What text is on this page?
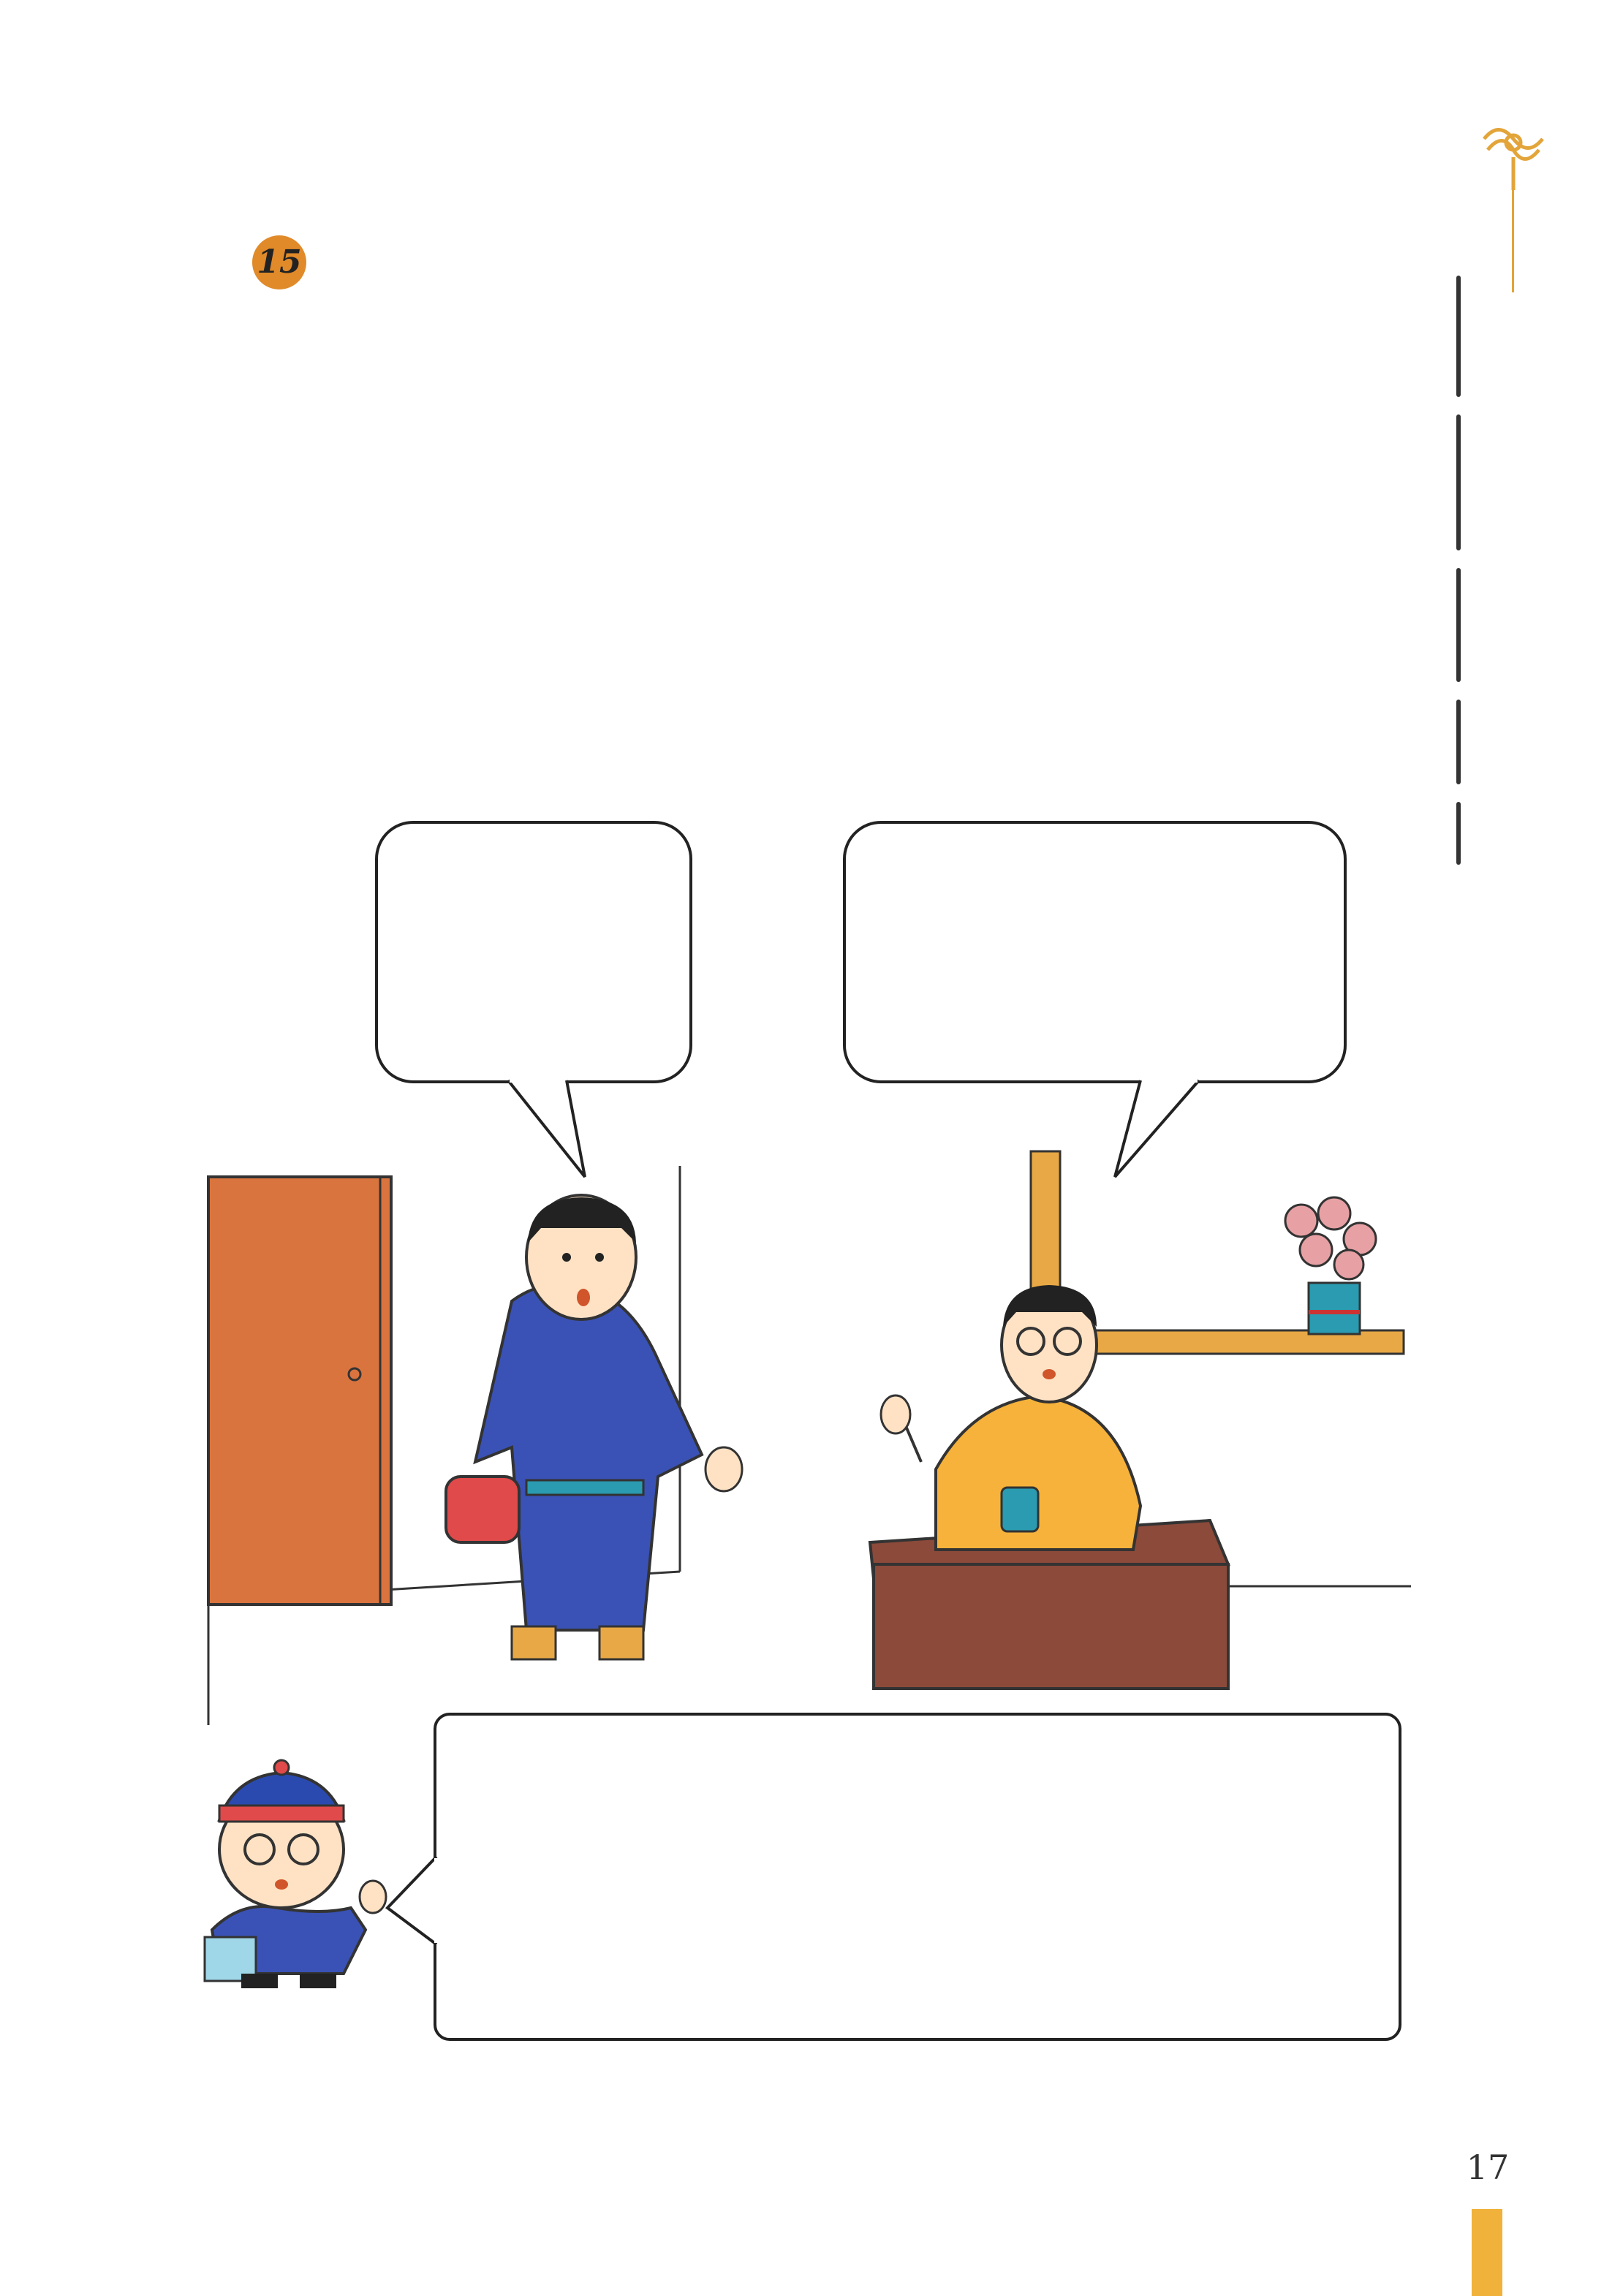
15
17
